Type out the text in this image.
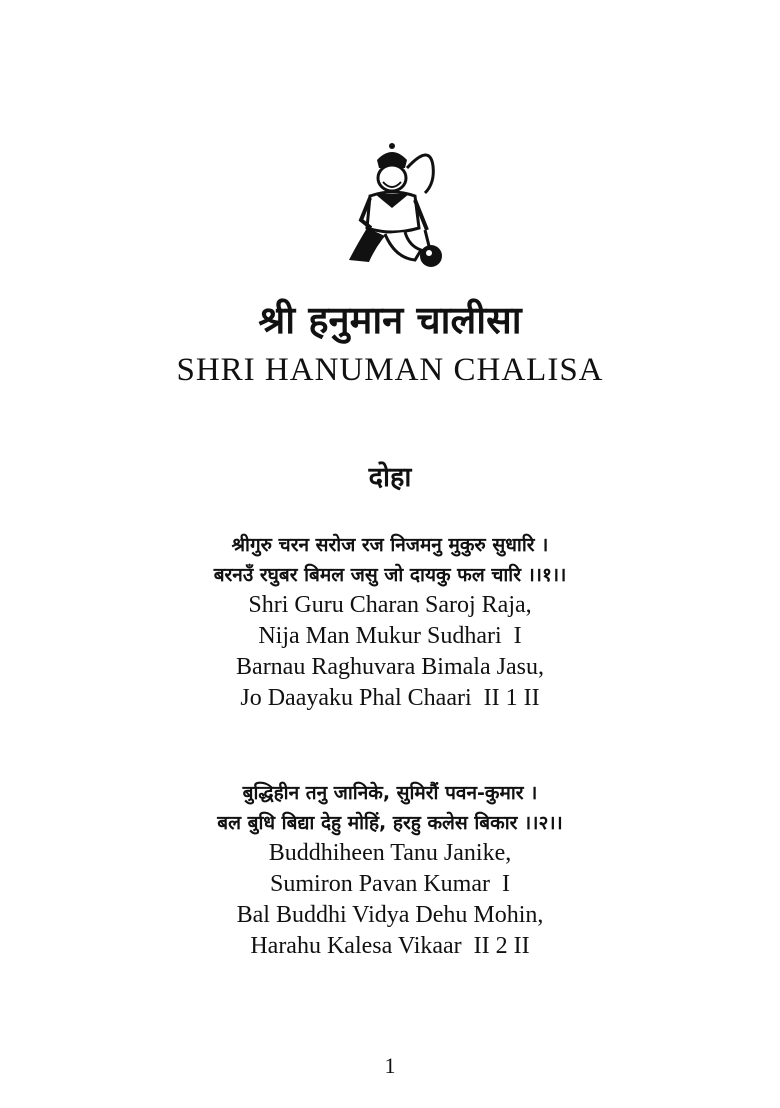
श्री हनुमान चालीसा
SHRI HANUMAN CHALISA
दोहा
श्रीगुरु चरन सरोज रज निजमनु मुकुरु सुधारि ।
बरनउँ रघुबर बिमल जसु जो दायकु फल चारि ।।१।।
Shri Guru Charan Saroj Raja,
Nija Man Mukur Sudhari  I
Barnau Raghuvara Bimala Jasu,
Jo Daayaku Phal Chaari  II 1 II
बुद्धिहीन तनु जानिके, सुमिरौं पवन-कुमार ।
बल बुधि बिद्या देहु मोहिं, हरहु कलेस बिकार ।।२।।
Buddhiheen Tanu Janike,
Sumiron Pavan Kumar  I
Bal Buddhi Vidya Dehu Mohin,
Harahu Kalesa Vikaar  II 2 II
1
